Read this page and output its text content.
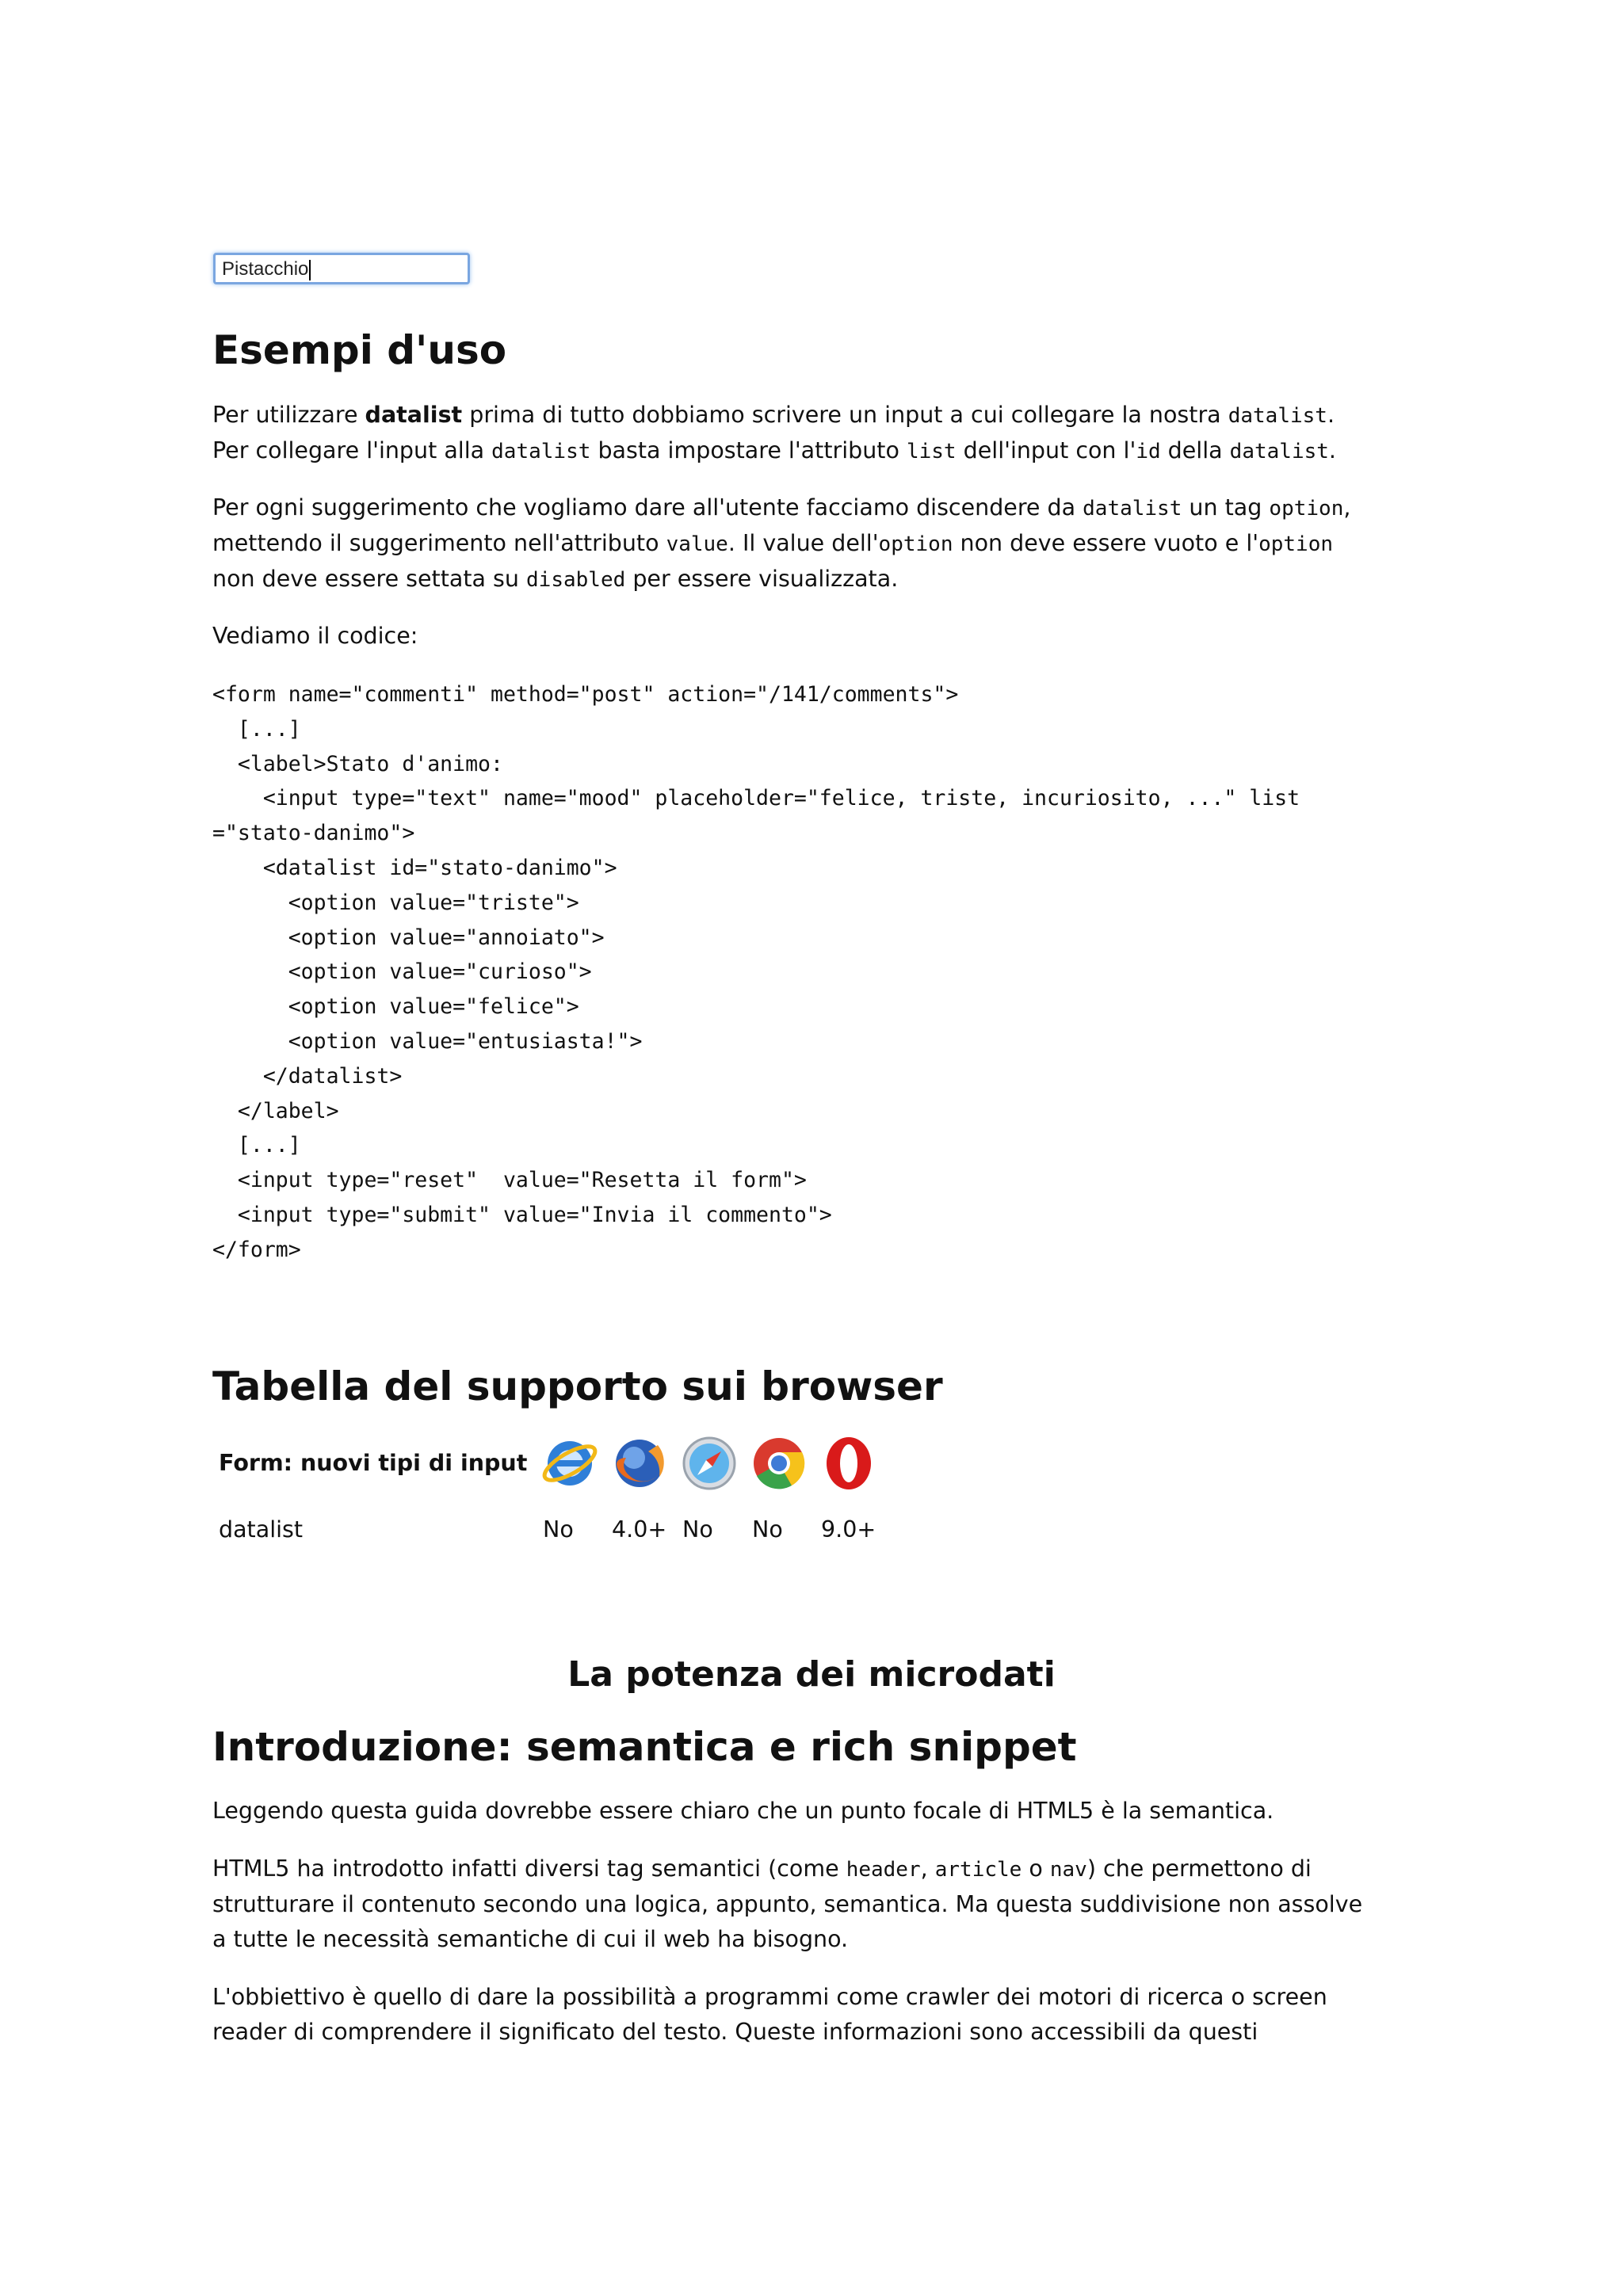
Pistacchio
Esempi d'uso
Per utilizzare datalist prima di tutto dobbiamo scrivere un input a cui collegare la nostra datalist.
Per collegare l'input alla datalist basta impostare l'attributo list dell'input con l'id della datalist.
Per ogni suggerimento che vogliamo dare all'utente facciamo discendere da datalist un tag option,
mettendo il suggerimento nell'attributo value. Il value dell'option non deve essere vuoto e l'option
non deve essere settata su disabled per essere visualizzata.
Vediamo il codice:
<form name="commenti" method="post" action="/141/comments">
[...]
<label>Stato d'animo:
<input type="text" name="mood" placeholder="felice, triste, incuriosito, ..." list
="stato-danimo">
<datalist id="stato-danimo">
<option value="triste">
<option value="annoiato">
<option value="curioso">
<option value="felice">
<option value="entusiasta!">
</datalist>
</label>
[...]
<input type="reset"  value="Resetta il form">
<input type="submit" value="Invia il commento">
</form>
Tabella del supporto sui browser
Form: nuovi tipi di input
datalist	No 4.0+ No No 9.0+
La potenza dei microdati
Introduzione: semantica e rich snippet
Leggendo questa guida dovrebbe essere chiaro che un punto focale di HTML5 è la semantica.
HTML5 ha introdotto infatti diversi tag semantici (come header, article o nav) che permettono di
strutturare il contenuto secondo una logica, appunto, semantica. Ma questa suddivisione non assolve
a tutte le necessità semantiche di cui il web ha bisogno.
L'obbiettivo è quello di dare la possibilità a programmi come crawler dei motori di ricerca o screen
reader di comprendere il significato del testo. Queste informazioni sono accessibili da questi
